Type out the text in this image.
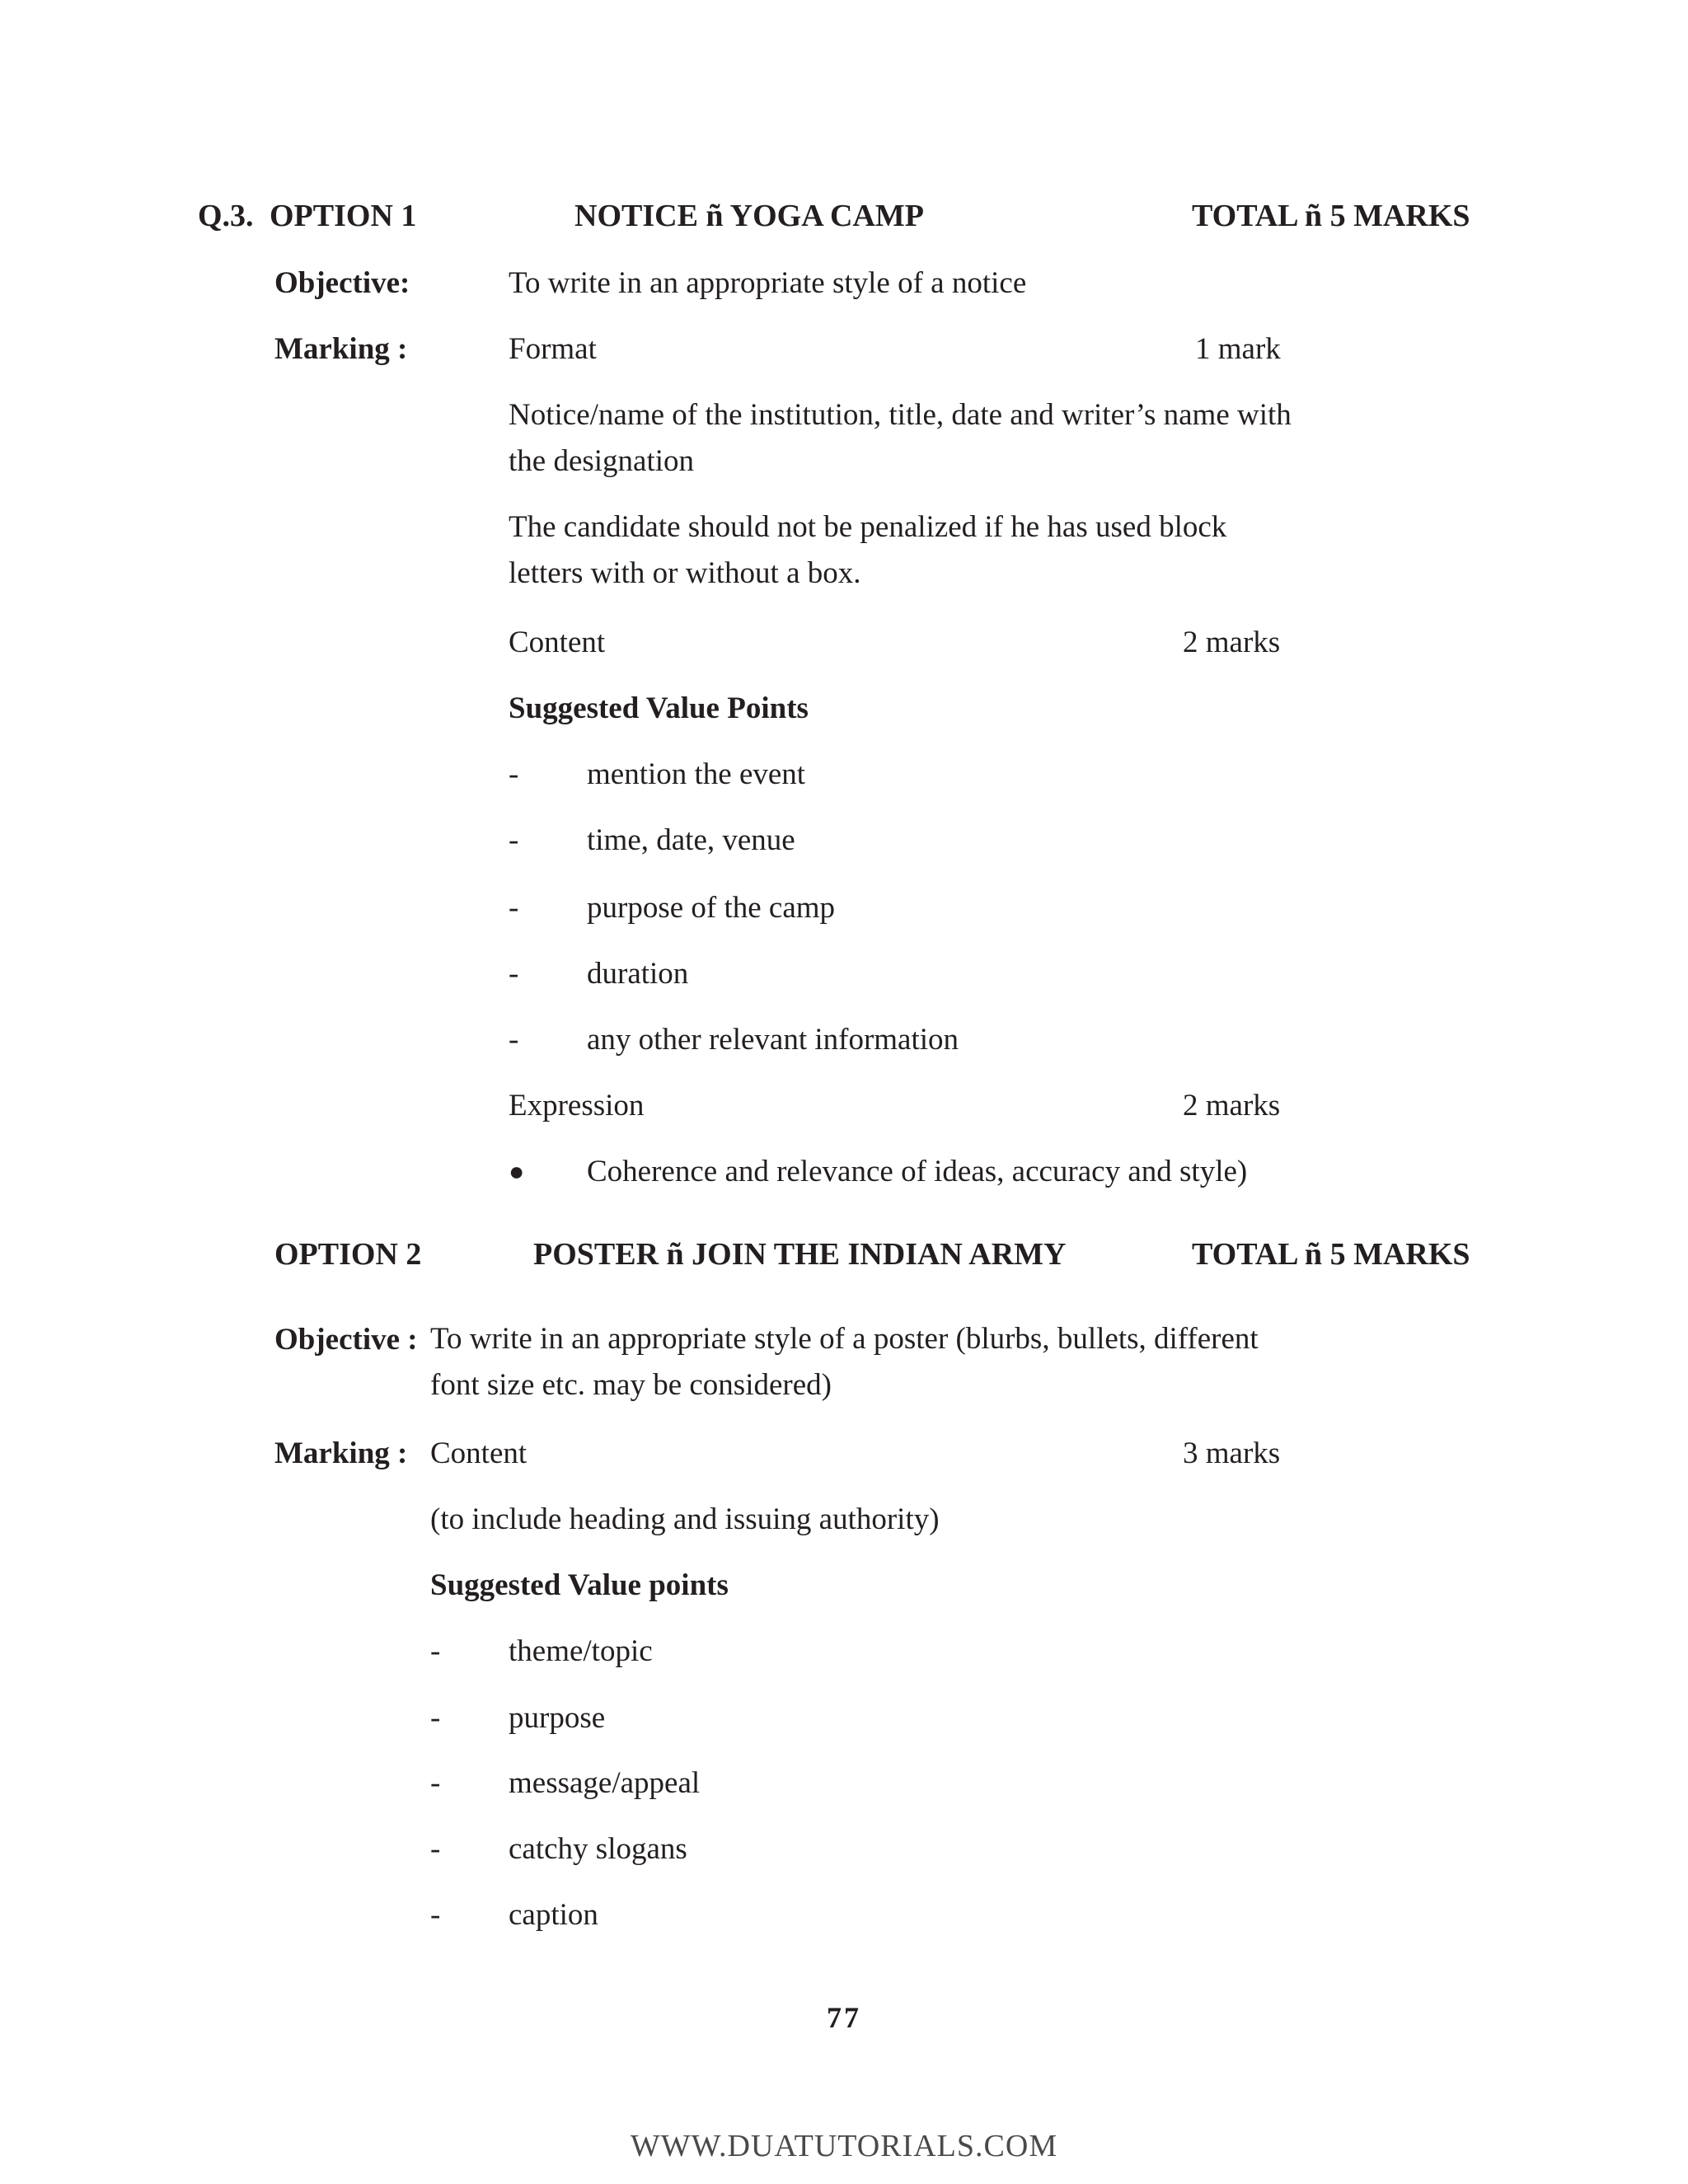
Q.3. OPTION 1	NOTICE ñ YOGA CAMP	TOTAL ñ 5 MARKS
Objective:	To write in an appropriate style of a notice
Marking :	Format	1 mark
Notice/name of the institution, title, date and writer’s name with the designation
The candidate should not be penalized if he has used block letters with or without a box.
Content	2 marks
Suggested Value Points
- mention the event
- time, date, venue
- purpose of the camp
- duration
- any other relevant information
Expression	2 marks
● Coherence and relevance of ideas, accuracy and style)
OPTION 2	POSTER ñ JOIN THE INDIAN ARMY	TOTAL ñ 5 MARKS
Objective : To write in an appropriate style of a poster (blurbs, bullets, different font size etc. may be considered)
Marking : Content	3 marks
(to include heading and issuing authority)
Suggested Value points
- theme/topic
- purpose
- message/appeal
- catchy slogans
- caption
77
WWW.DUATUTORIALS.COM
